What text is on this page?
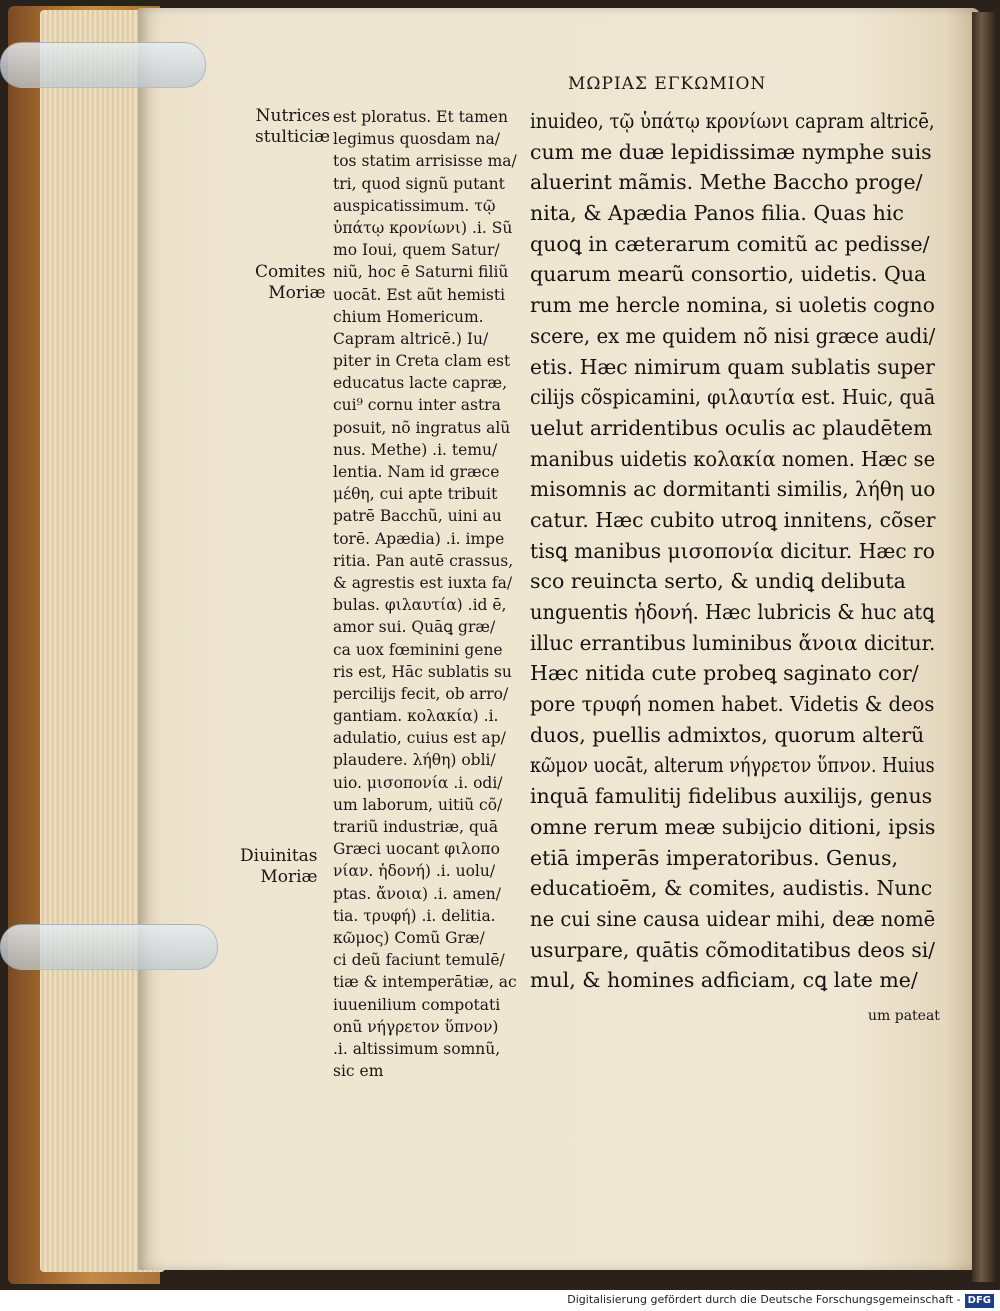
ΜΩΡΙΑΣ ΕΓΚΩΜΙΟΝ
Nutrices
stulticiæ
Comites
Moriæ
Diuinitas
Moriæ
est ploratus. Et tamen
legimus quosdam na/
tos statim arrisisse ma/
tri, quod signũ putant
auspicatissimum. τῷ
ὑπάτῳ κρονίωνι) .i. Sũ
mo Ioui, quem Satur/
niũ, hoc ē Saturni filiũ
uocāt. Est aũt hemisti
chium Homericum.
Capram altricē.) Iu/
piter in Creta clam est
educatus lacte capræ,
cui⁹ cornu inter astra
posuit, nõ ingratus alũ
nus. Methe) .i. temu/
lentia. Nam id græce
μέθη, cui apte tribuit
patrē Bacchũ, uini au
torē. Apædia) .i. impe
ritia. Pan autē crassus,
& agrestis est iuxta fa/
bulas. φιλαυτία) .id ē,
amor sui. Quāꝗ græ/
ca uox fœminini gene
ris est, Hāc sublatis su
percilijs fecit, ob arro/
gantiam. κολακία) .i.
adulatio, cuius est ap/
plaudere. λήθη) obli/
uio. μισοπονία .i. odi/
um laborum, uitiũ cõ/
trariũ industriæ, quā
Græci uocant φιλοπο
νίαν. ἡδονή) .i. uolu/
ptas. ἄνοια) .i. amen/
tia. τρυφή) .i. delitia.
κῶμος) Comũ Græ/
ci deũ faciunt temulē/
tiæ & intemperātiæ, ac
iuuenilium compotati
onũ νήγρετον ὕπνον)
.i. altissimum somnũ,
sic em
inuideo, τῷ ὑπάτῳ κρονίωνι capram altricē,
cum me duæ lepidissimæ nymphe suis
aluerint mãmis. Methe Baccho proge/
nita, & Apædia Panos filia. Quas hic
quoꝗ in cæterarum comitũ ac pedisse/
quarum mearũ consortio, uidetis. Qua
rum me hercle nomina, si uoletis cogno
scere, ex me quidem nõ nisi græce audi/
etis. Hæc nimirum quam sublatis super
cilijs cõspicamini, φιλαυτία est. Huic, quā
uelut arridentibus oculis ac plaudētem
manibus uidetis κολακία nomen. Hæc se
misomnis ac dormitanti similis, λήθη uo
catur. Hæc cubito utroꝗ innitens, cõser
tisꝗ manibus μισοπονία dicitur. Hæc ro
sco reuincta serto, & undiꝗ delibuta
unguentis ἡδονή. Hæc lubricis & huc atꝗ
illuc errantibus luminibus ἄνοια dicitur.
Hæc nitida cute probeꝗ saginato cor/
pore τρυφή nomen habet. Videtis & deos
duos, puellis admixtos, quorum alterũ
κῶμον uocāt, alterum νήγρετον ὕπνον. Huius
inquā famulitij fidelibus auxilijs, genus
omne rerum meæ subijcio ditioni, ipsis
etiā imperās imperatoribus. Genus,
educatioēm, & comites, audistis. Nunc
ne cui sine causa uidear mihi, deæ nomē
usurpare, quātis cõmoditatibus deos si/
mul, & homines adficiam, cꝗ late me/
um pateat
Digitalisierung gefördert durch die Deutsche Forschungsgemeinschaft - DFG
